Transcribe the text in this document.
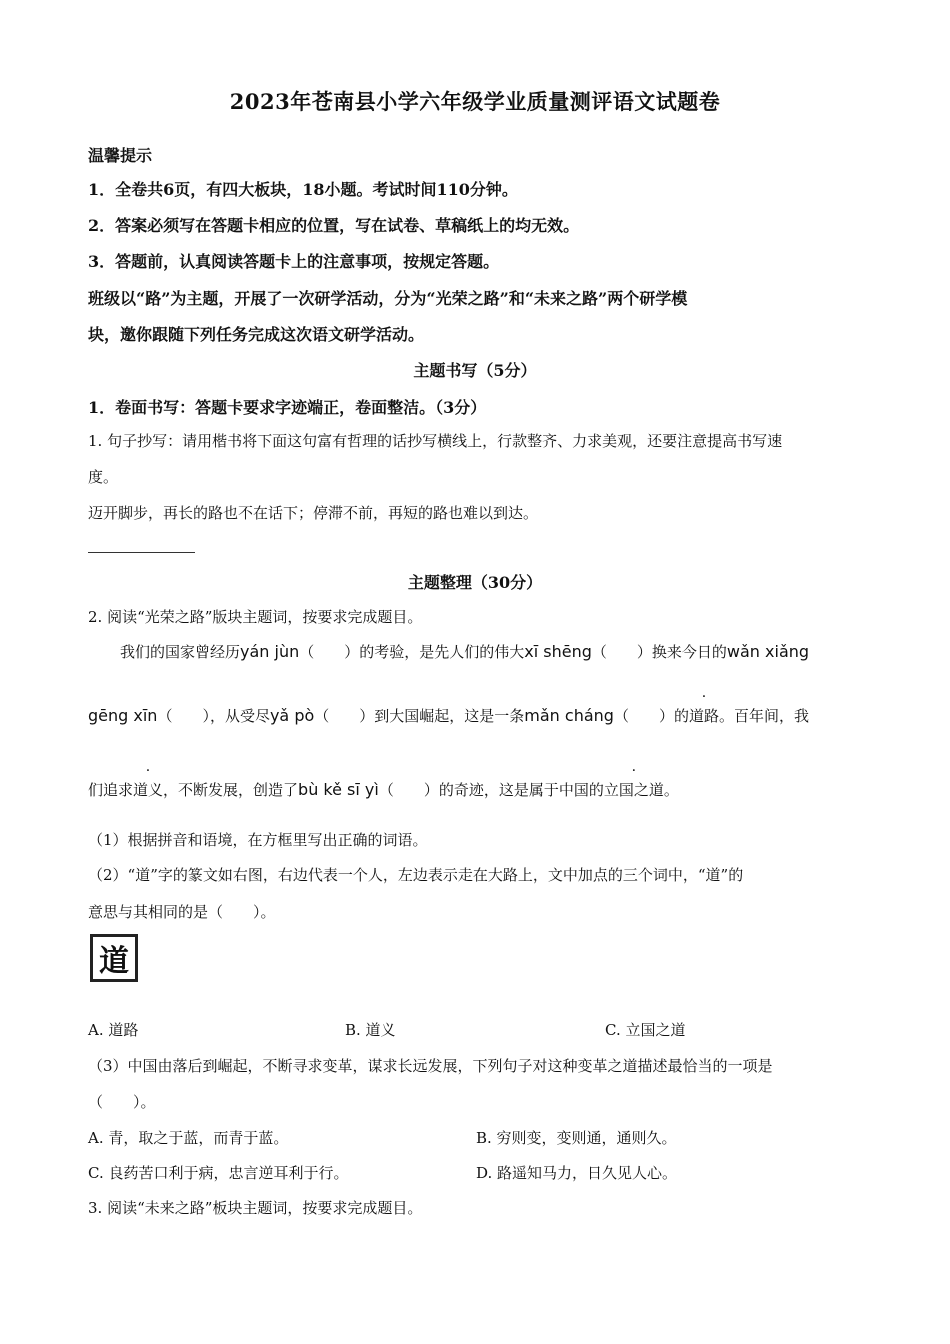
2023年苍南县小学六年级学业质量测评语文试题卷
温馨提示
1．全卷共6页，有四大板块，18小题。考试时间110分钟。
2．答案必须写在答题卡相应的位置，写在试卷、草稿纸上的均无效。
3．答题前，认真阅读答题卡上的注意事项，按规定答题。
班级以“路”为主题，开展了一次研学活动，分为“光荣之路”和“未来之路”两个研学模
块，邀你跟随下列任务完成这次语文研学活动。
主题书写（5分）
1．卷面书写：答题卡要求字迹端正，卷面整洁。（3分）
1. 句子抄写：请用楷书将下面这句富有哲理的话抄写横线上，行款整齐、力求美观，还要注意提高书写速
度。
迈开脚步，再长的路也不在话下；停滞不前，再短的路也难以到达。
主题整理（30分）
2. 阅读“光荣之路”版块主题词，按要求完成题目。
我们的国家曾经历yán jùn（　　）的考验，是先人们的伟大xī shēng（　　）换来今日的wǎn xiǎng
gēng xīn（　　），从受尽yǎ pò（　　）到大国崛起，这是一条mǎn cháng（　　）的道路。百年间，我
们追求道义，不断发展，创造了bù kě sī yì（　　）的奇迹，这是属于中国的立国之道。
（1）根据拼音和语境，在方框里写出正确的词语。
（2）“道”字的篆文如右图，右边代表一个人，左边表示走在大路上，文中加点的三个词中，“道”的
意思与其相同的是（　　）。
道
A. 道路	B. 道义	C. 立国之道
（3）中国由落后到崛起，不断寻求变革，谋求长远发展，下列句子对这种变革之道描述最恰当的一项是
（　　）。
A. 青，取之于蓝，而青于蓝。	B. 穷则变，变则通，通则久。
C. 良药苦口利于病，忠言逆耳利于行。	D. 路遥知马力，日久见人心。
3. 阅读“未来之路”板块主题词，按要求完成题目。
